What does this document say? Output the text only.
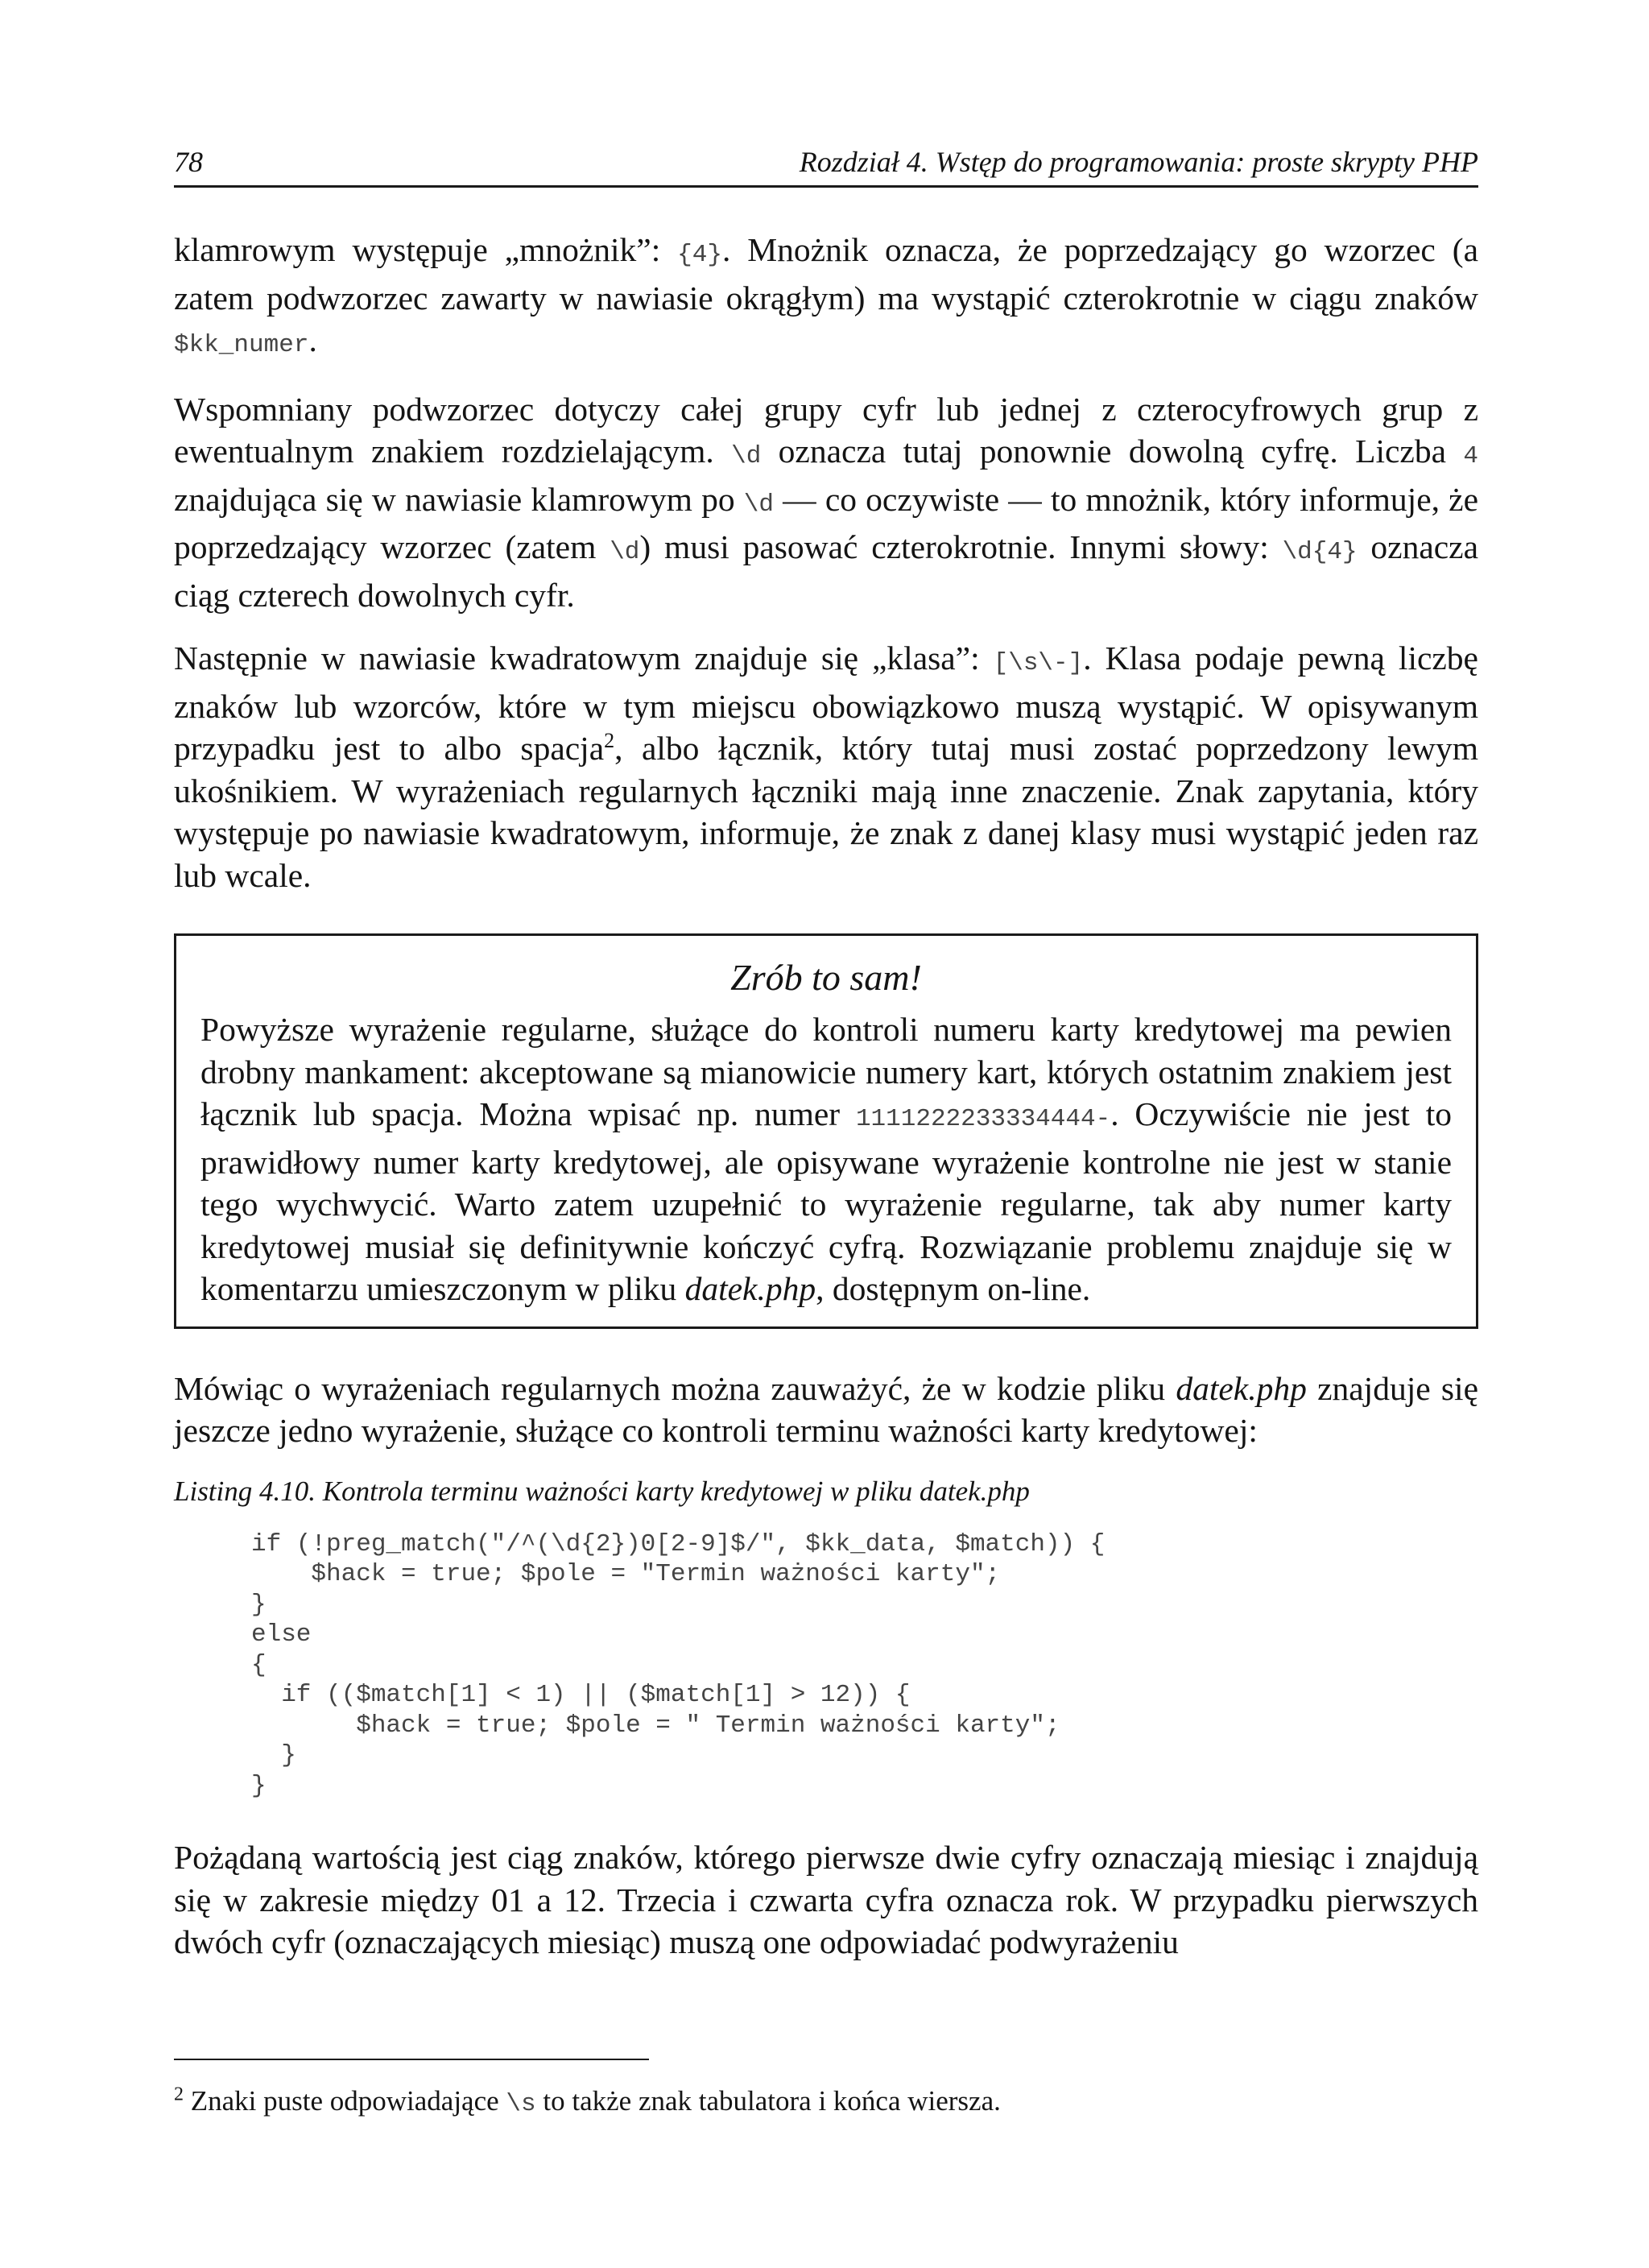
78	Rozdział 4. Wstęp do programowania: proste skrypty PHP

klamrowym występuje „mnożnik”: {4}. Mnożnik oznacza, że poprzedzający go wzorzec (a zatem podwzorzec zawarty w nawiasie okrągłym) ma wystąpić czterokrotnie w ciągu znaków $kk_numer.

Wspomniany podwzorzec dotyczy całej grupy cyfr lub jednej z czterocyfrowych grup z ewentualnym znakiem rozdzielającym. \d oznacza tutaj ponownie dowolną cyfrę. Liczba 4 znajdująca się w nawiasie klamrowym po \d — co oczywiste — to mnożnik, który informuje, że poprzedzający wzorzec (zatem \d) musi pasować czterokrotnie. Innymi słowy: \d{4} oznacza ciąg czterech dowolnych cyfr.

Następnie w nawiasie kwadratowym znajduje się „klasa”: [\s\-]. Klasa podaje pewną liczbę znaków lub wzorców, które w tym miejscu obowiązkowo muszą wystąpić. W opisywanym przypadku jest to albo spacja$^2$, albo łącznik, który tutaj musi zostać poprzedzony lewym ukośnikiem. W wyrażeniach regularnych łączniki mają inne znaczenie. Znak zapytania, który występuje po nawiasie kwadratowym, informuje, że znak z danej klasy musi wystąpić jeden raz lub wcale.

Zrób to sam!

Powyższe wyrażenie regularne, służące do kontroli numeru karty kredytowej ma pewien drobny mankament: akceptowane są mianowicie numery kart, których ostatnim znakiem jest łącznik lub spacja. Można wpisać np. numer 1111222233334444-. Oczywiście nie jest to prawidłowy numer karty kredytowej, ale opisywane wyrażenie kontrolne nie jest w stanie tego wychwycić. Warto zatem uzupełnić to wyrażenie regularne, tak aby numer karty kredytowej musiał się definitywnie kończyć cyfrą. Rozwiązanie problemu znajduje się w komentarzu umieszczonym w pliku datek.php, dostępnym on-line.

Mówiąc o wyrażeniach regularnych można zauważyć, że w kodzie pliku datek.php znajduje się jeszcze jedno wyrażenie, służące co kontroli terminu ważności karty kredytowej:

Listing 4.10. Kontrola terminu ważności karty kredytowej w pliku datek.php
if (!preg_match("/^(\d{2})0[2-9]$/", $kk_data, $match)) {
$hack = true; $pole = "Termin ważności karty";
}
else
{
if (($match[1] < 1) || ($match[1] > 12)) {
$hack = true; $pole = " Termin ważności karty";
}
}

Pożądaną wartością jest ciąg znaków, którego pierwsze dwie cyfry oznaczają miesiąc i znajdują się w zakresie między 01 a 12. Trzecia i czwarta cyfra oznacza rok. W przypadku pierwszych dwóch cyfr (oznaczających miesiąc) muszą one odpowiadać podwyrażeniu

$^2$ Znaki puste odpowiadające \s to także znak tabulatora i końca wiersza.
